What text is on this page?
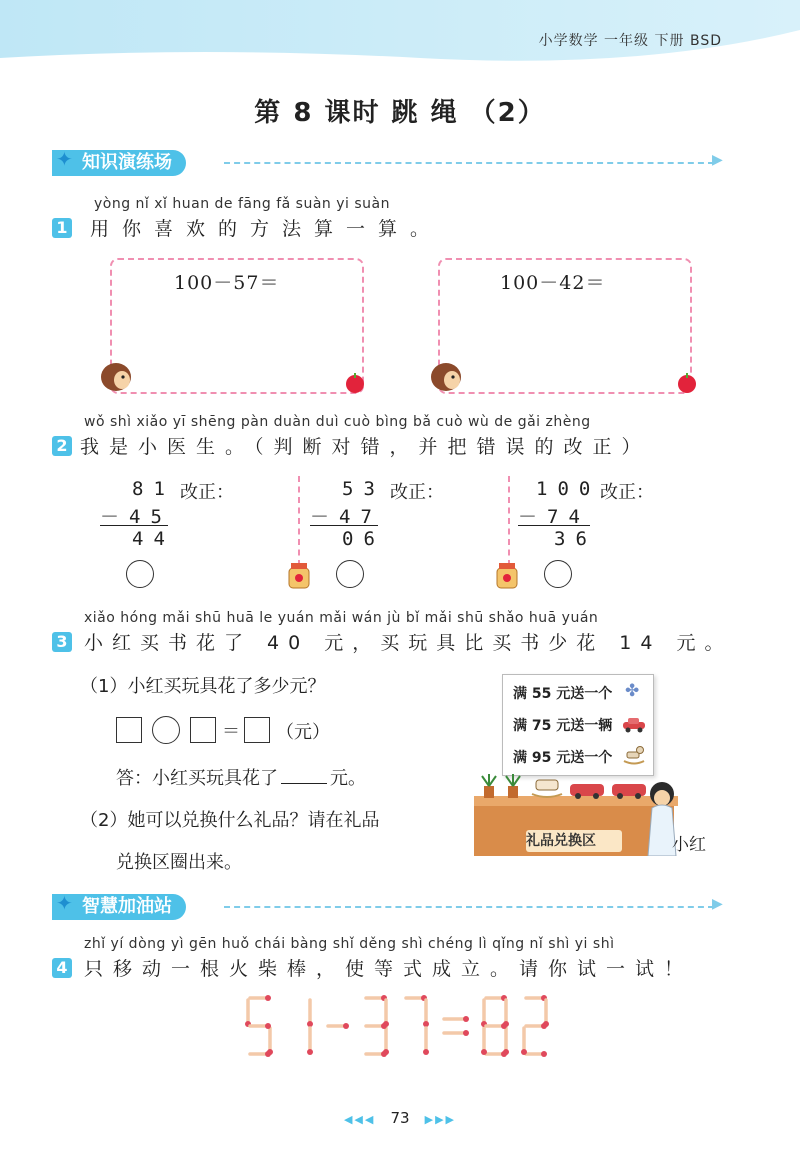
小学数学 一年级 下册 BSD
第 8 课时 跳 绳 （2）
✦ 知识演练场	▶
yòng nǐ xǐ huan de fāng fǎ suàn yi suàn
1 用你喜欢的方法算一算。
100－57＝	100－42＝
wǒ shì xiǎo yī shēng pàn duàn duì cuò bìng bǎ cuò wù de gǎi zhèng
2 我是小医生。（判断对错，并把错误的改正）
81 改正：
－45
44
53 改正：
－47
06
100 改正：
－74
36
xiǎo hóng mǎi shū huā le yuán mǎi wán jù bǐ mǎi shū shǎo huā yuán
3 小红买书花了 40 元，买玩具比买书少花 14 元。
（1）小红买玩具花了多少元？
＝ （元）
答：小红买玩具花了	元。
（2）她可以兑换什么礼品？请在礼品
兑换区圈出来。
满 55 元送一个 ✤
满 75 元送一辆
满 95 元送一个
礼品兑换区	小红
✦ 智慧加油站	▶
zhǐ yí dòng yì gēn huǒ chái bàng shǐ děng shì chéng lì qǐng nǐ shì yi shì
4 只移动一根火柴棒，使等式成立。请你试一试！
◀◀◀ 73 ▶▶▶
